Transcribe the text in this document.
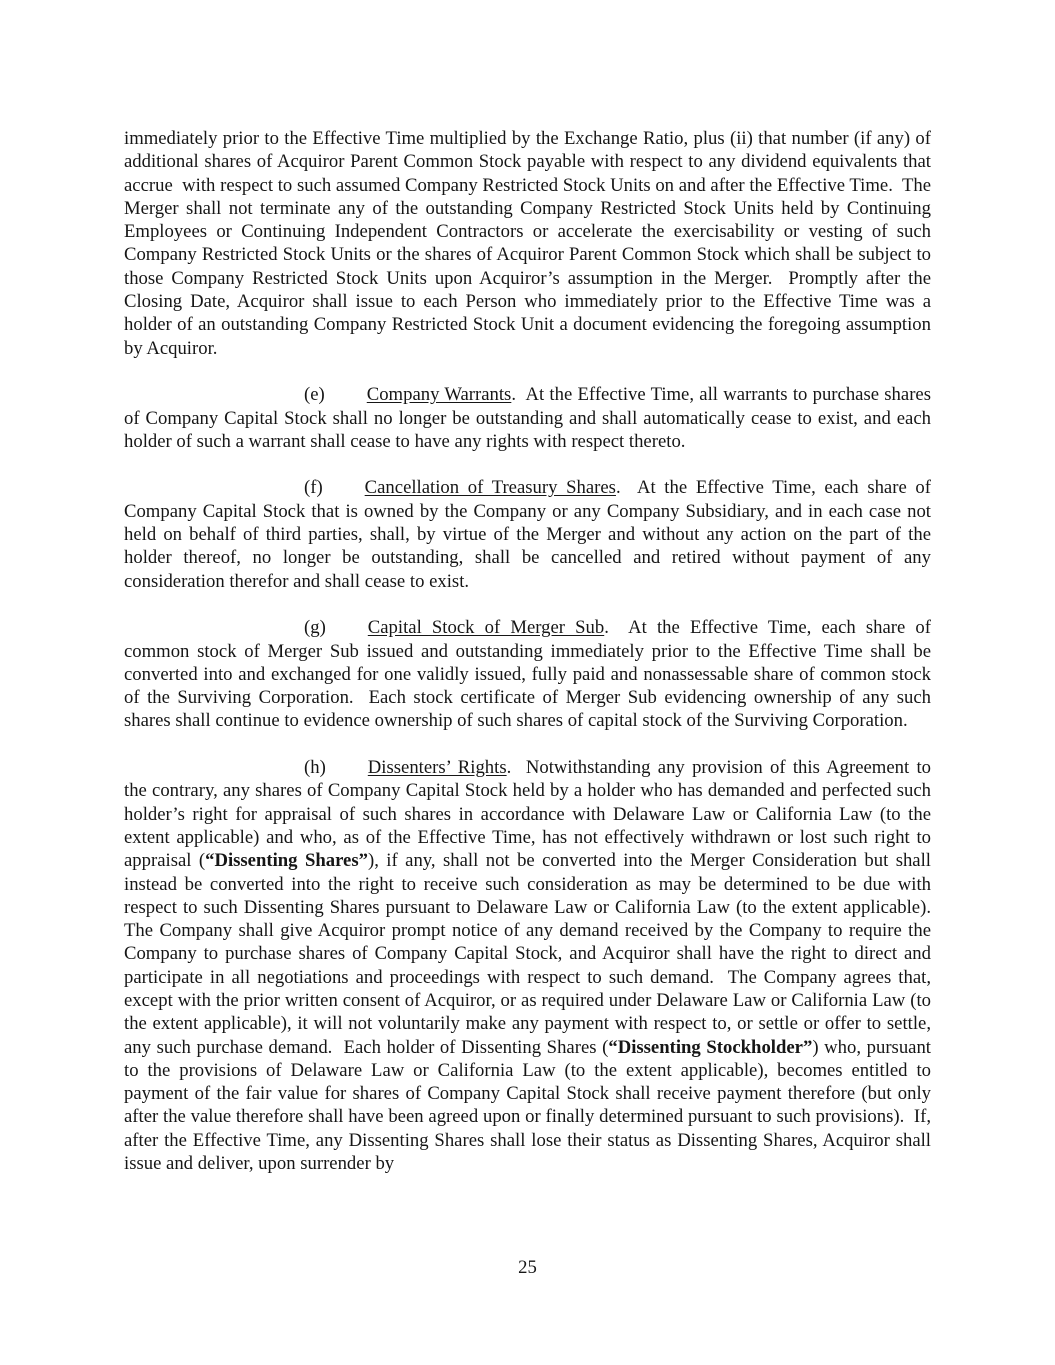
immediately prior to the Effective Time multiplied by the Exchange Ratio, plus (ii) that number (if any) of additional shares of Acquiror Parent Common Stock payable with respect to any dividend equivalents that accrue  with respect to such assumed Company Restricted Stock Units on and after the Effective Time.  The Merger shall not terminate any of the outstanding Company Restricted Stock Units held by Continuing Employees or Continuing Independent Contractors or accelerate the exercisability or vesting of such Company Restricted Stock Units or the shares of Acquiror Parent Common Stock which shall be subject to those Company Restricted Stock Units upon Acquiror’s assumption in the Merger.  Promptly after the Closing Date, Acquiror shall issue to each Person who immediately prior to the Effective Time was a holder of an outstanding Company Restricted Stock Unit a document evidencing the foregoing assumption by Acquiror.

(e) Company Warrants.  At the Effective Time, all warrants to purchase shares of Company Capital Stock shall no longer be outstanding and shall automatically cease to exist, and each holder of such a warrant shall cease to have any rights with respect thereto.

(f) Cancellation of Treasury Shares.  At the Effective Time, each share of Company Capital Stock that is owned by the Company or any Company Subsidiary, and in each case not held on behalf of third parties, shall, by virtue of the Merger and without any action on the part of the holder thereof, no longer be outstanding, shall be cancelled and retired without payment of any consideration therefor and shall cease to exist.

(g) Capital Stock of Merger Sub.  At the Effective Time, each share of common stock of Merger Sub issued and outstanding immediately prior to the Effective Time shall be converted into and exchanged for one validly issued, fully paid and nonassessable share of common stock of the Surviving Corporation.  Each stock certificate of Merger Sub evidencing ownership of any such shares shall continue to evidence ownership of such shares of capital stock of the Surviving Corporation.

(h) Dissenters’ Rights.  Notwithstanding any provision of this Agreement to the contrary, any shares of Company Capital Stock held by a holder who has demanded and perfected such holder’s right for appraisal of such shares in accordance with Delaware Law or California Law (to the extent applicable) and who, as of the Effective Time, has not effectively withdrawn or lost such right to appraisal (“Dissenting Shares”), if any, shall not be converted into the Merger Consideration but shall instead be converted into the right to receive such consideration as may be determined to be due with respect to such Dissenting Shares pursuant to Delaware Law or California Law (to the extent applicable).  The Company shall give Acquiror prompt notice of any demand received by the Company to require the Company to purchase shares of Company Capital Stock, and Acquiror shall have the right to direct and participate in all negotiations and proceedings with respect to such demand.  The Company agrees that, except with the prior written consent of Acquiror, or as required under Delaware Law or California Law (to the extent applicable), it will not voluntarily make any payment with respect to, or settle or offer to settle, any such purchase demand.  Each holder of Dissenting Shares (“Dissenting Stockholder”) who, pursuant to the provisions of Delaware Law or California Law (to the extent applicable), becomes entitled to payment of the fair value for shares of Company Capital Stock shall receive payment therefore (but only after the value therefore shall have been agreed upon or finally determined pursuant to such provisions).  If, after the Effective Time, any Dissenting Shares shall lose their status as Dissenting Shares, Acquiror shall issue and deliver, upon surrender by

25
